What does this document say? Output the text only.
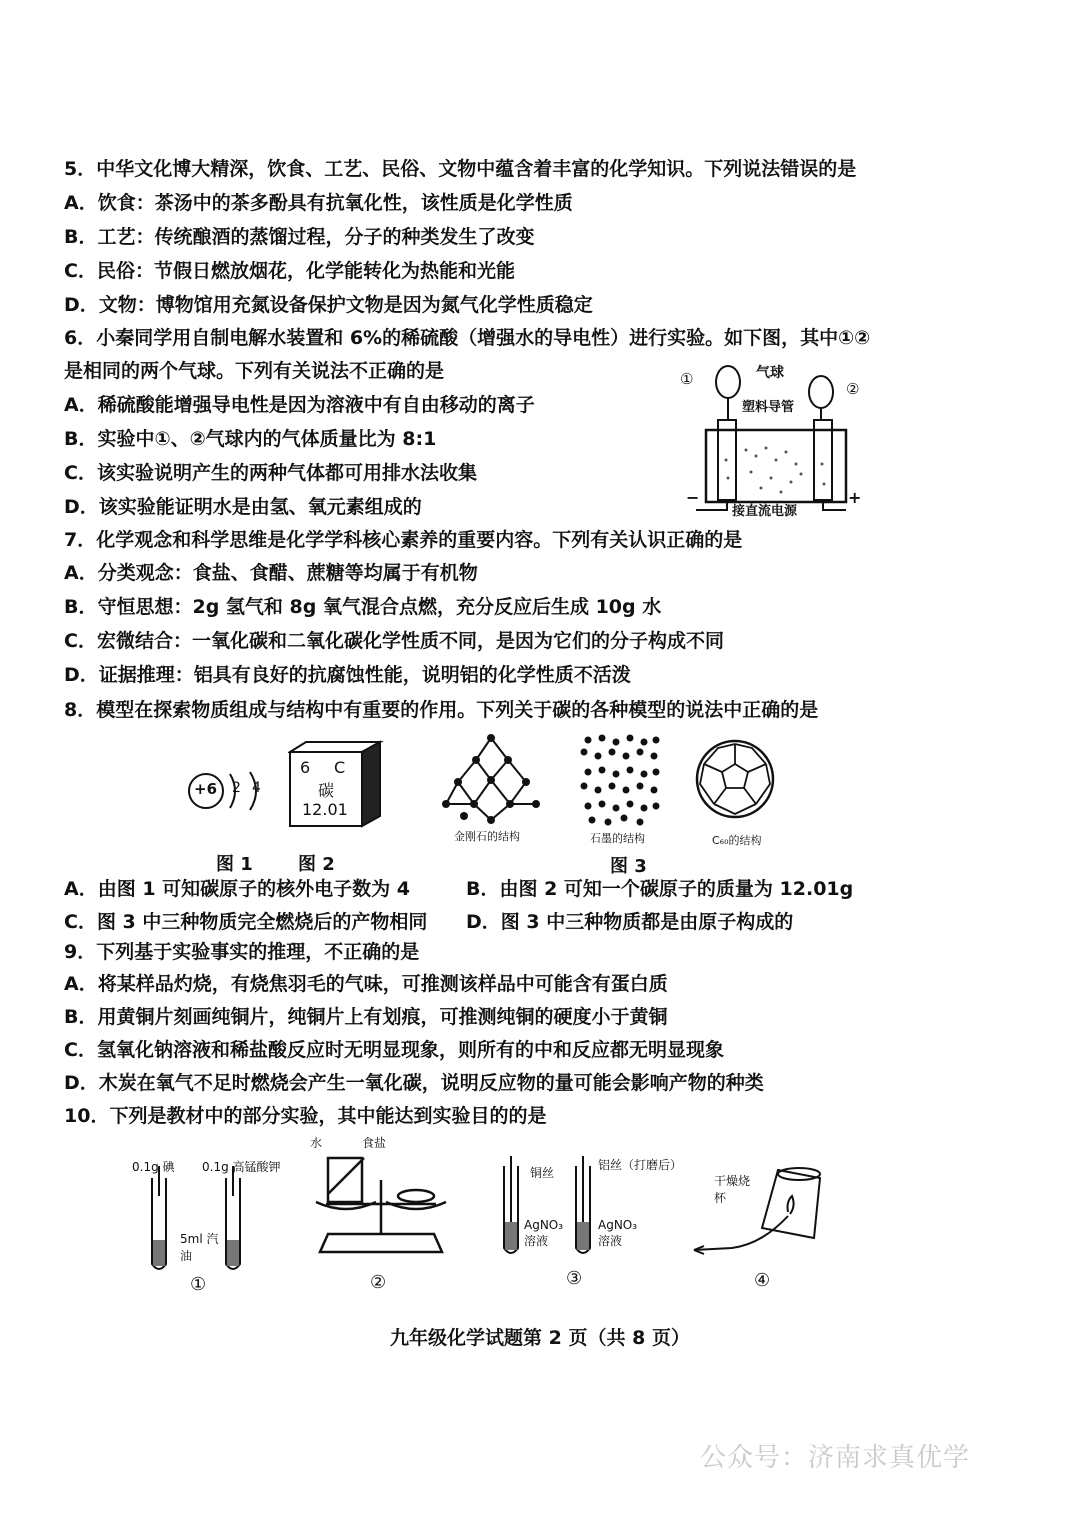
5．中华文化博大精深，饮食、工艺、民俗、文物中蕴含着丰富的化学知识。下列说法错误的是
A．饮食：茶汤中的茶多酚具有抗氧化性，该性质是化学性质
B．工艺：传统酿酒的蒸馏过程，分子的种类发生了改变
C．民俗：节假日燃放烟花，化学能转化为热能和光能
D．文物：博物馆用充氮设备保护文物是因为氮气化学性质稳定
6．小秦同学用自制电解水装置和 6%的稀硫酸（增强水的导电性）进行实验。如下图，其中①②
是相同的两个气球。下列有关说法不正确的是
A．稀硫酸能增强导电性是因为溶液中有自由移动的离子
B．实验中①、②气球内的气体质量比为 8:1
C．该实验说明产生的两种气体都可用排水法收集
D．该实验能证明水是由氢、氧元素组成的
①
②
气球
塑料导管
接直流电源
−	+
7．化学观念和科学思维是化学学科核心素养的重要内容。下列有关认识正确的是
A．分类观念：食盐、食醋、蔗糖等均属于有机物
B．守恒思想：2g 氢气和 8g 氧气混合点燃，充分反应后生成 10g 水
C．宏微结合：一氧化碳和二氧化碳化学性质不同，是因为它们的分子构成不同
D．证据推理：铝具有良好的抗腐蚀性能，说明铝的化学性质不活泼
8．模型在探索物质组成与结构中有重要的作用。下列关于碳的各种模型的说法中正确的是
+6 2 4
6 C
碳
12.01
金刚石的结构	石墨的结构	C₆₀的结构
图 1	图 2	图 3
A．由图 1 可知碳原子的核外电子数为 4	B．由图 2 可知一个碳原子的质量为 12.01g
C．图 3 中三种物质完全燃烧后的产物相同 D．图 3 中三种物质都是由原子构成的
9．下列基于实验事实的推理，不正确的是
A．将某样品灼烧，有烧焦羽毛的气味，可推测该样品中可能含有蛋白质
B．用黄铜片刻画纯铜片，纯铜片上有划痕，可推测纯铜的硬度小于黄铜
C．氢氧化钠溶液和稀盐酸反应时无明显现象，则所有的中和反应都无明显现象
D．木炭在氧气不足时燃烧会产生一氧化碳，说明反应物的量可能会影响产物的种类
10．下列是教材中的部分实验，其中能达到实验目的的是
0.1g 碘 0.1g 高锰酸钾
5ml 汽油
①
水	食盐
②
铜丝
铝丝（打磨后）
AgNO₃ 溶液
AgNO₃ 溶液
③
干燥烧杯
④
九年级化学试题第 2 页（共 8 页）
公众号：济南求真优学
